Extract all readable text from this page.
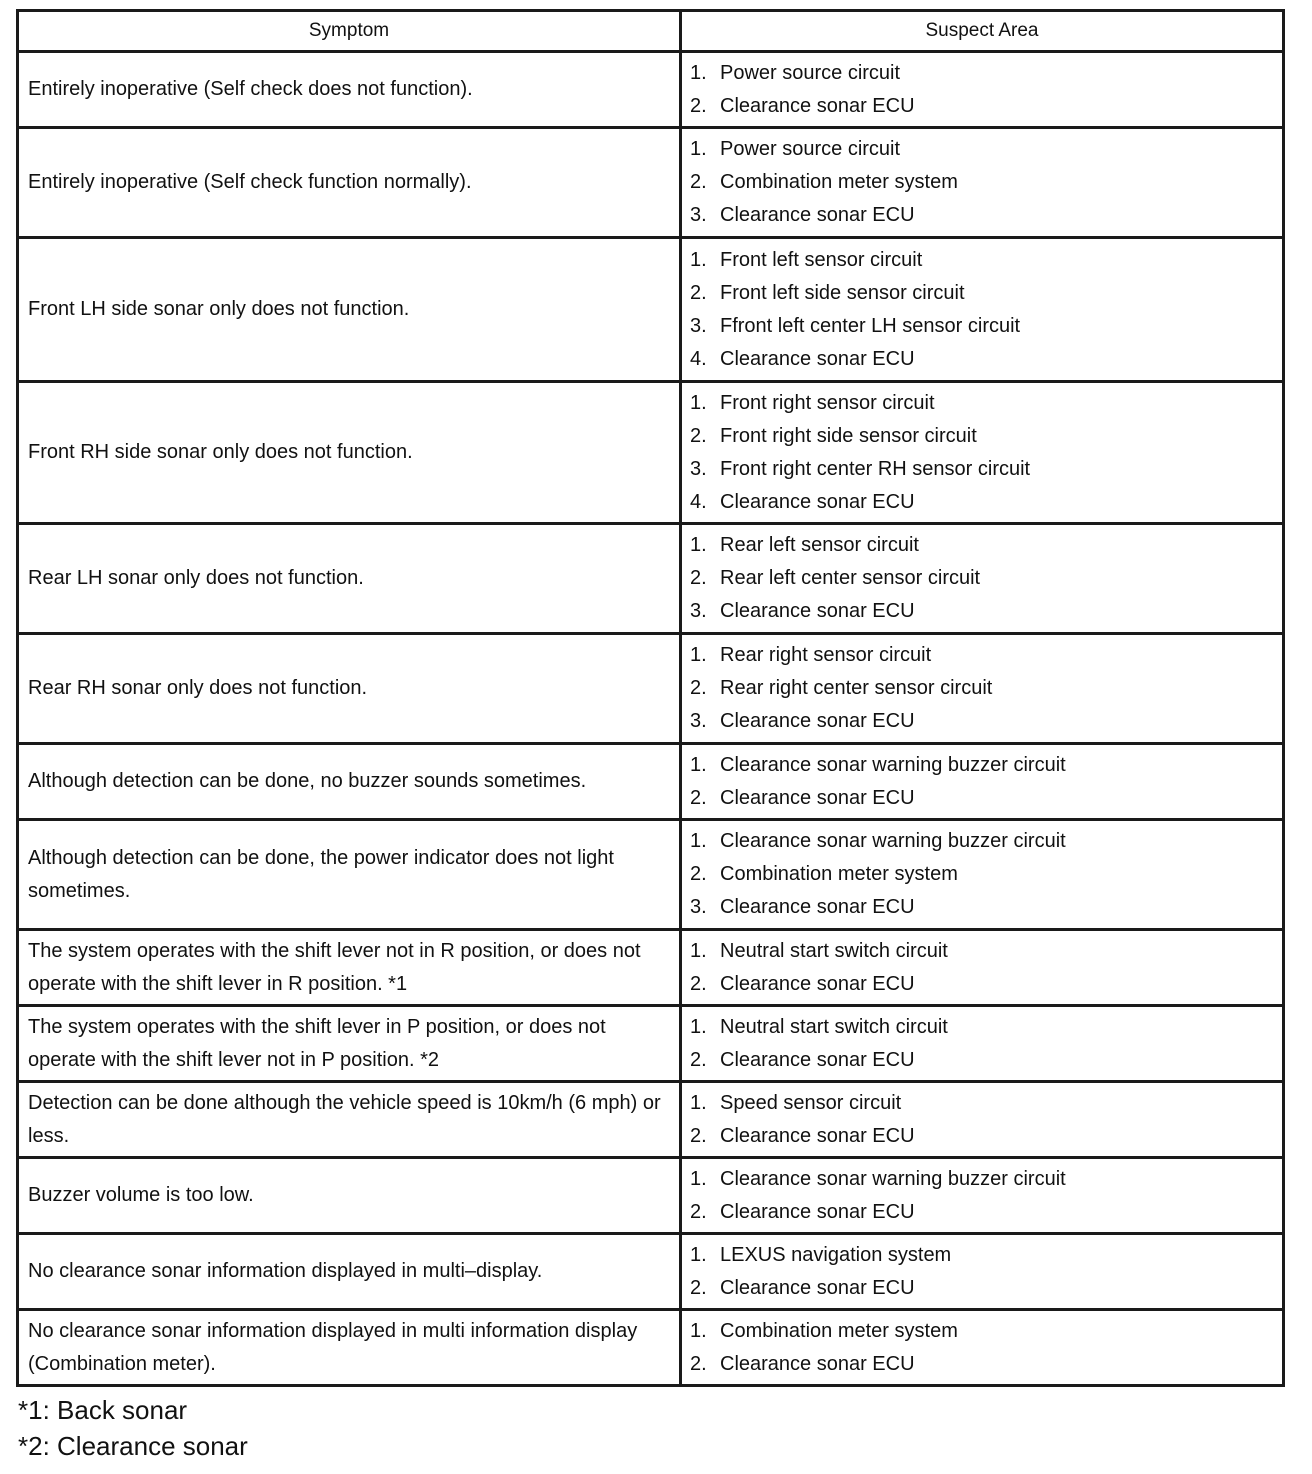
Symptom	Suspect Area
Entirely inoperative (Self check does not function).	1. Power source circuit
2. Clearance sonar ECU

Entirely inoperative (Self check function normally).	1. Power source circuit
2. Combination meter system
3. Clearance sonar ECU

Front LH side sonar only does not function.	1. Front left sensor circuit
2. Front left side sensor circuit
3. Ffront left center LH sensor circuit
4. Clearance sonar ECU

Front RH side sonar only does not function.	1. Front right sensor circuit
2. Front right side sensor circuit
3. Front right center RH sensor circuit
4. Clearance sonar ECU

Rear LH sonar only does not function.	1. Rear left sensor circuit
2. Rear left center sensor circuit
3. Clearance sonar ECU

Rear RH sonar only does not function.	1. Rear right sensor circuit
2. Rear right center sensor circuit
3. Clearance sonar ECU

Although detection can be done, no buzzer sounds sometimes.	1. Clearance sonar warning buzzer circuit
2. Clearance sonar ECU

Although detection can be done, the power indicator does not light sometimes.	1. Clearance sonar warning buzzer circuit
2. Combination meter system
3. Clearance sonar ECU

The system operates with the shift lever not in R position, or does not operate with the shift lever in R position. *1	1. Neutral start switch circuit
2. Clearance sonar ECU

The system operates with the shift lever in P position, or does not operate with the shift lever not in P position. *2	1. Neutral start switch circuit
2. Clearance sonar ECU

Detection can be done although the vehicle speed is 10km/h (6 mph) or less.	1. Speed sensor circuit
2. Clearance sonar ECU

Buzzer volume is too low.	1. Clearance sonar warning buzzer circuit
2. Clearance sonar ECU

No clearance sonar information displayed in multi–display.	1. LEXUS navigation system
2. Clearance sonar ECU

No clearance sonar information displayed in multi information display (Combination meter).	1. Combination meter system
2. Clearance sonar ECU
*1: Back sonar
*2: Clearance sonar
